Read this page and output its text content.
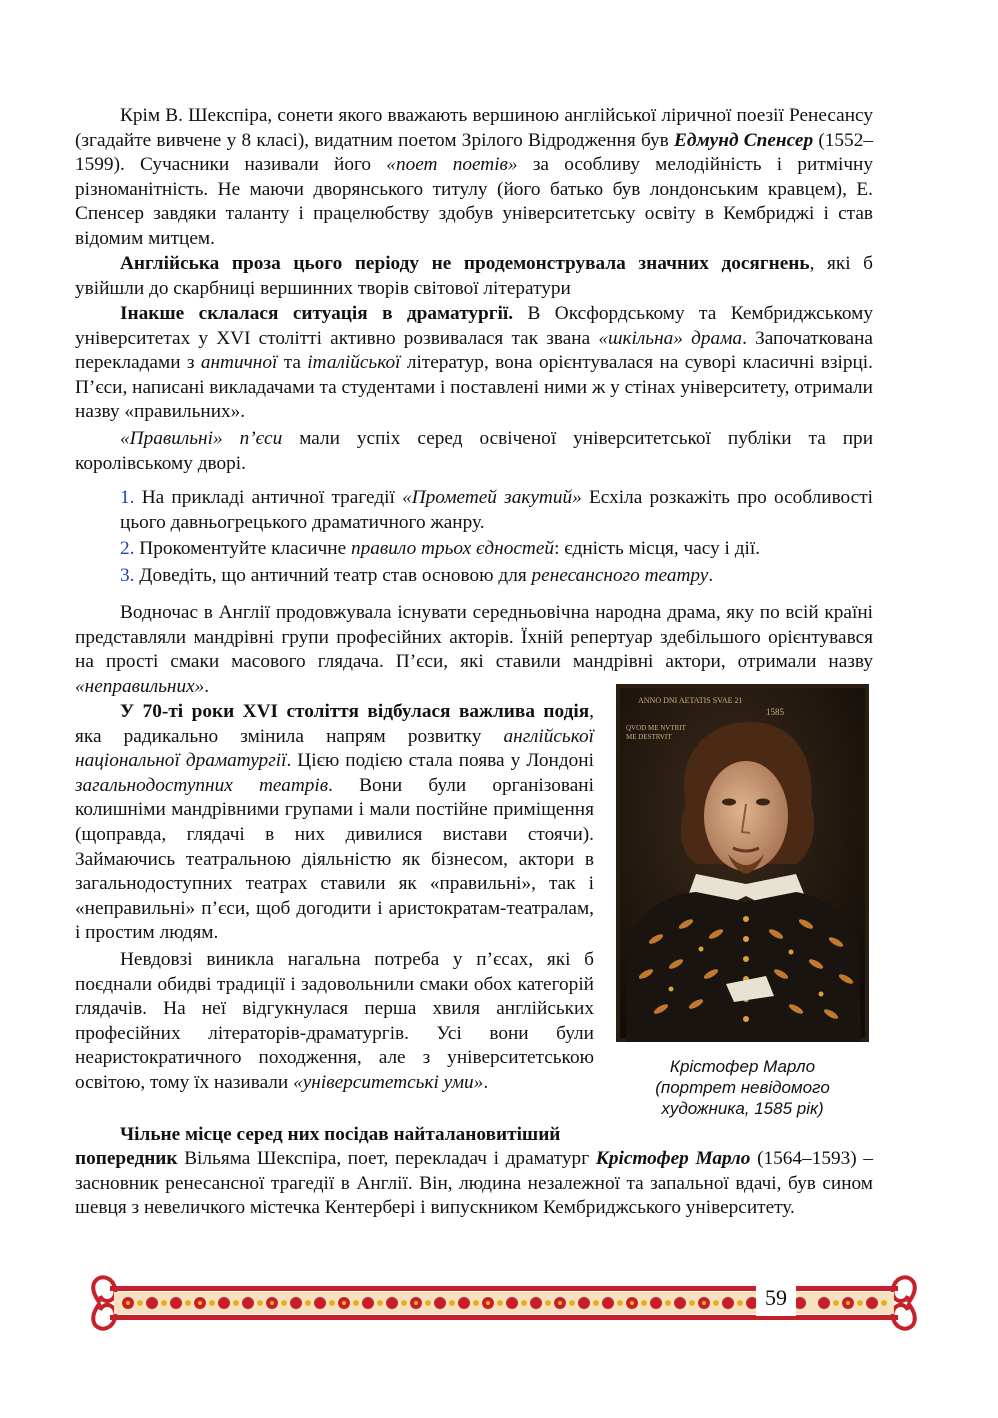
Крім В. Шекспіра, сонети якого вважають вершиною англійської ліричної поезії Ренесансу (згадайте вивчене у 8 класі), видатним поетом Зрілого Відродження був Едмунд Спенсер (1552–1599). Сучасники називали його «поет поетів» за особливу мелодійність і ритмічну різноманітність. Не маючи дворянського титулу (його батько був лондонським кравцем), Е. Спенсер завдяки таланту і працелюбству здобув університетську освіту в Кембриджі і став відомим митцем.

Англійська проза цього періоду не продемонструвала значних досягнень, які б увійшли до скарбниці вершинних творів світової літератури

Інакше склалася ситуація в драматургії. В Оксфордському та Кембриджському університетах у XVI столітті активно розвивалася так звана «шкільна» драма. Започаткована перекладами з античної та італійської літератур, вона орієнтувалася на суворі класичні взірці. П’єси, написані викладачами та студентами і поставлені ними ж у стінах університету, отримали назву «правильних».

«Правильні» п’єси мали успіх серед освіченої університетської публіки та при королівському дворі.

1. На прикладі античної трагедії «Прометей закутий» Есхіла розкажіть про особливості цього давньогрецького драматичного жанру.
2. Прокоментуйте класичне правило трьох єдностей: єдність місця, часу і дії.
3. Доведіть, що античний театр став основою для ренесансного театру.

Водночас в Англії продовжувала існувати середньовічна народна драма, яку по всій країні представляли мандрівні групи професійних акторів. Їхній репертуар здебільшого орієнтувався на прості смаки масового глядача. П’єси, які ставили мандрівні актори, отримали назву «неправильних».

У 70-ті роки XVI століття відбулася важлива подія, яка радикально змінила напрям розвитку англійської національної драматургії. Цією подією стала поява у Лондоні загальнодоступних театрів. Вони були організовані колишніми мандрівними групами і мали постійне приміщення (щоправда, глядачі в них дивилися вистави стоячи). Займаючись театральною діяльністю як бізнесом, актори в загальнодоступних театрах ставили як «правильні», так і «неправильні» п’єси, щоб догодити і аристократам-театралам, і простим людям.

Невдовзі виникла нагальна потреба у п’єсах, які б поєднали обидві традиції і задовольнили смаки обох категорій глядачів. На неї відгукнулася перша хвиля англійських професійних літераторів-драматургів. Усі вони були неаристократичного походження, але з університетською освітою, тому їх називали «університетські уми».

Чільне місце серед них посідав найталановитіший

попередник Вільяма Шекспіра, поет, перекладач і драматург Крістофер Марло (1564–1593) – засновник ренесансної трагедії в Англії. Він, людина незалежної та запальної вдачі, був сином шевця з невеличкого містечка Кентербері і випускником Кембриджського університету.

ANNO DNI AETATIS SVAE 21
1585
QVOD ME NVTRIT
ME DESTRVIT
Крістофер Марло
(портрет невідомого
художника, 1585 рік)
59
